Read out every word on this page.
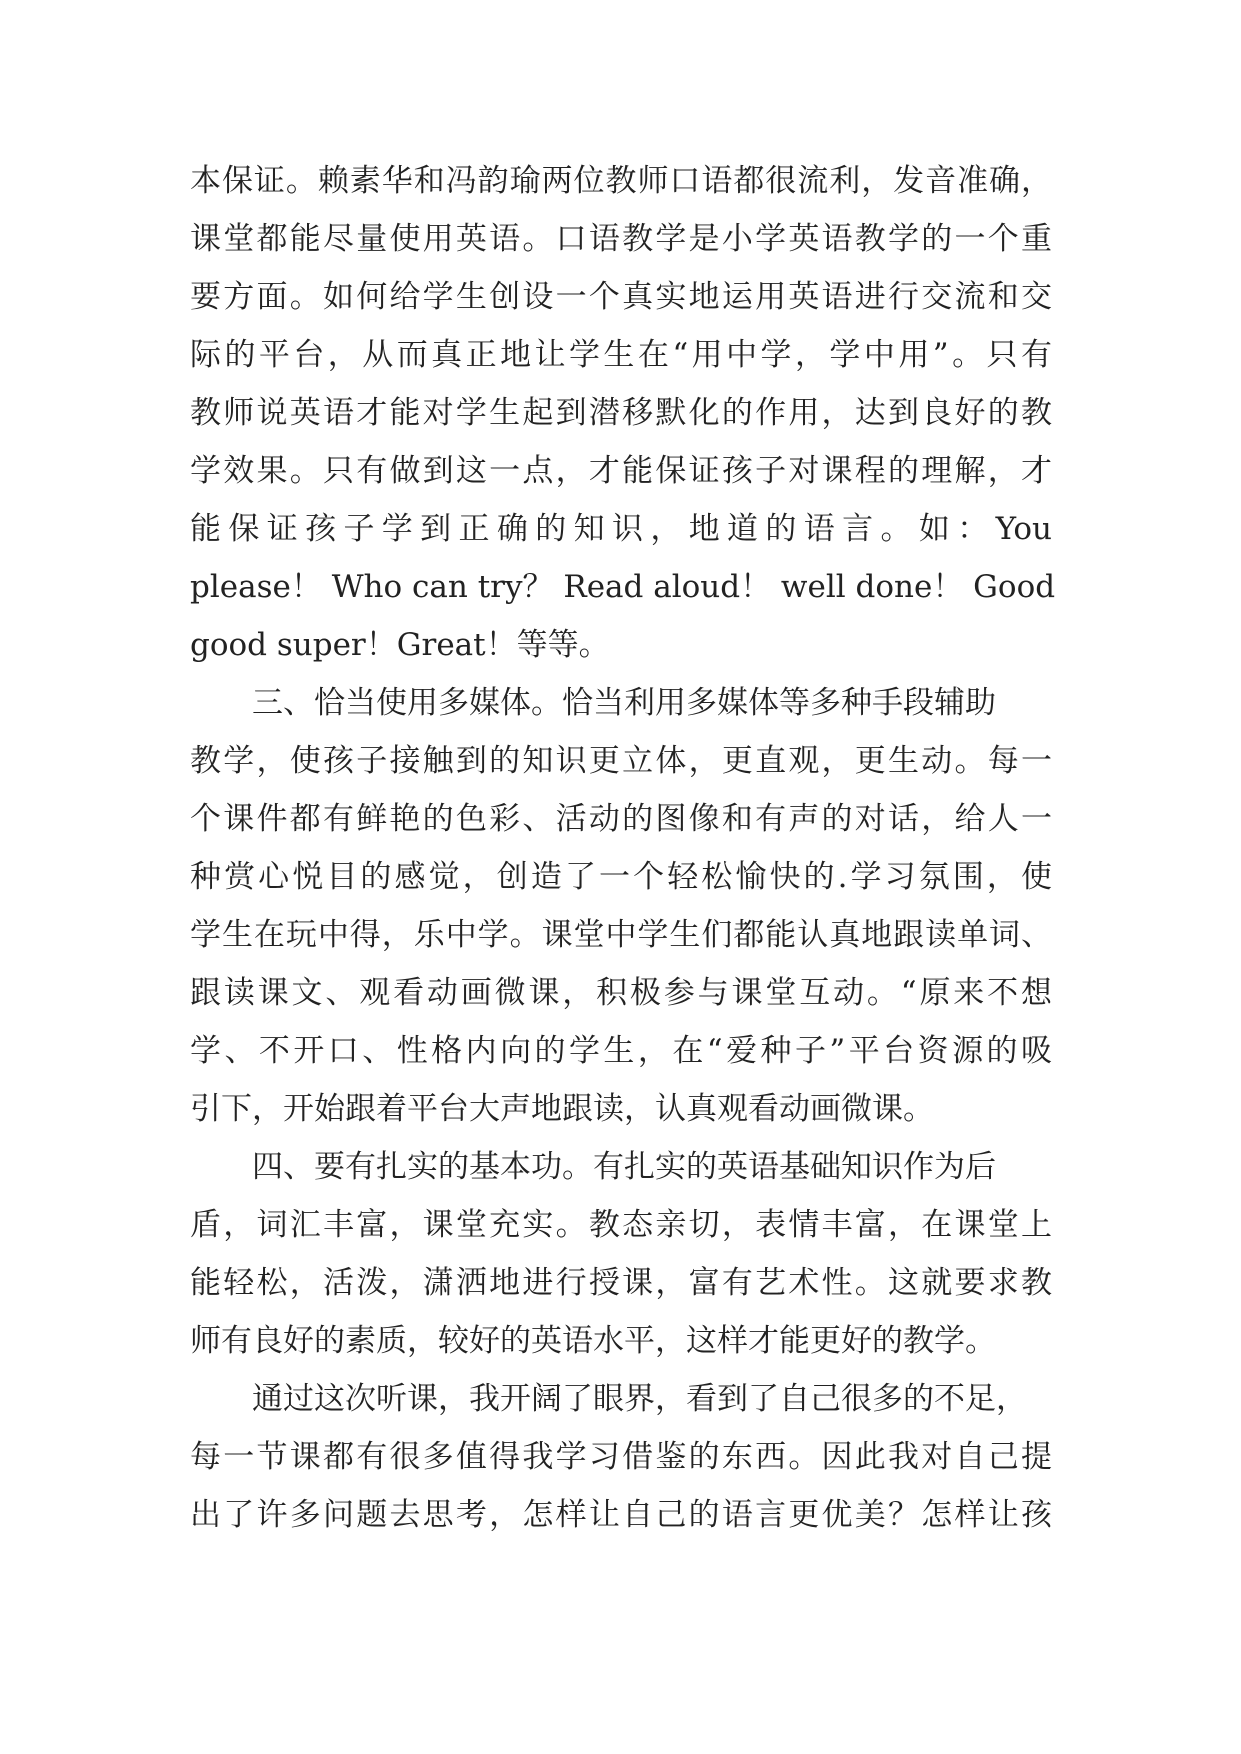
本保证。赖素华和冯韵瑜两位教师口语都很流利，发音准确，
课堂都能尽量使用英语。口语教学是小学英语教学的一个重
要方面。如何给学生创设一个真实地运用英语进行交流和交
际的平台，从而真正地让学生在“用中学，学中用”。只有
教师说英语才能对学生起到潜移默化的作用，达到良好的教
学效果。只有做到这一点，才能保证孩子对课程的理解，才
能保证孩子学到正确的知识，地道的语言。如：You
please！ Who can try？ Read aloud！ well done！ Good
good super！Great！等等。
三、恰当使用多媒体。恰当利用多媒体等多种手段辅助
教学，使孩子接触到的知识更立体，更直观，更生动。每一
个课件都有鲜艳的色彩、活动的图像和有声的对话，给人一
种赏心悦目的感觉，创造了一个轻松愉快的.学习氛围，使
学生在玩中得，乐中学。课堂中学生们都能认真地跟读单词、
跟读课文、观看动画微课，积极参与课堂互动。“原来不想
学、不开口、性格内向的学生，在“爱种子”平台资源的吸
引下，开始跟着平台大声地跟读，认真观看动画微课。
四、要有扎实的基本功。有扎实的英语基础知识作为后
盾，词汇丰富，课堂充实。教态亲切，表情丰富，在课堂上
能轻松，活泼，潇洒地进行授课，富有艺术性。这就要求教
师有良好的素质，较好的英语水平，这样才能更好的教学。
通过这次听课，我开阔了眼界，看到了自己很多的不足，
每一节课都有很多值得我学习借鉴的东西。因此我对自己提
出了许多问题去思考，怎样让自己的语言更优美？怎样让孩
